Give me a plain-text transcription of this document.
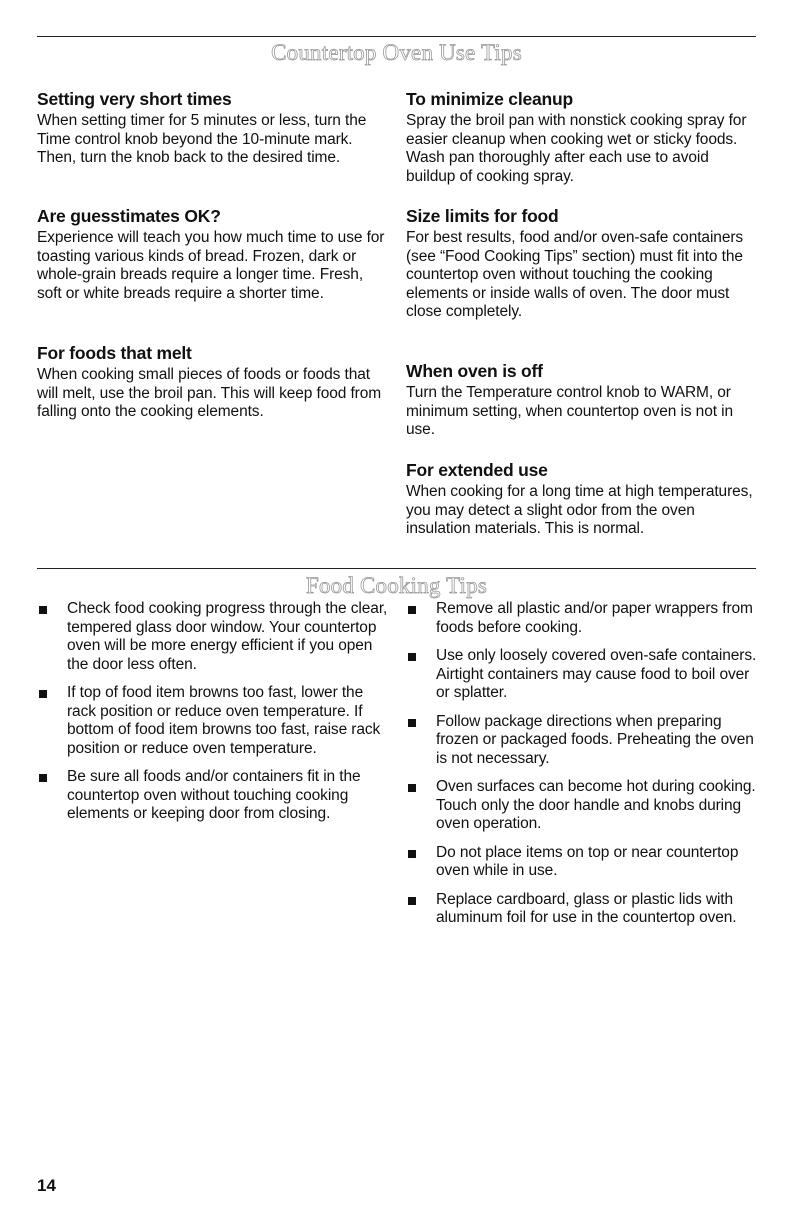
Countertop Oven Use Tips
Setting very short times

When setting timer for 5 minutes or less, turn the Time control knob beyond the 10-minute mark. Then, turn the knob back to the desired time.

Are guesstimates OK?

Experience will teach you how much time to use for toasting various kinds of bread. Frozen, dark or whole-grain breads require a longer time. Fresh, soft or white breads require a shorter time.

For foods that melt

When cooking small pieces of foods or foods that will melt, use the broil pan. This will keep food from falling onto the cooking elements.

To minimize cleanup

Spray the broil pan with nonstick cooking spray for easier cleanup when cooking wet or sticky foods. Wash pan thoroughly after each use to avoid buildup of cooking spray.

Size limits for food

For best results, food and/or oven-safe containers (see “Food Cooking Tips” section) must fit into the countertop oven without touching the cooking elements or inside walls of oven. The door must close completely.

When oven is off

Turn the Temperature control knob to WARM, or minimum setting, when countertop oven is not in use.

For extended use

When cooking for a long time at high temperatures, you may detect a slight odor from the oven insulation materials. This is normal.

Food Cooking Tips
Check food cooking progress through the clear, tempered glass door window. Your countertop oven will be more energy efficient if you open the door less often.
If top of food item browns too fast, lower the rack position or reduce oven temperature. If bottom of food item browns too fast, raise rack position or reduce oven temperature.
Be sure all foods and/or containers fit in the countertop oven without touching cooking elements or keeping door from closing.
Remove all plastic and/or paper wrappers from foods before cooking.
Use only loosely covered oven-safe containers. Airtight containers may cause food to boil over or splatter.
Follow package directions when preparing frozen or packaged foods. Preheating the oven is not necessary.
Oven surfaces can become hot during cooking. Touch only the door handle and knobs during oven operation.
Do not place items on top or near countertop oven while in use.
Replace cardboard, glass or plastic lids with aluminum foil for use in the countertop oven.
14
